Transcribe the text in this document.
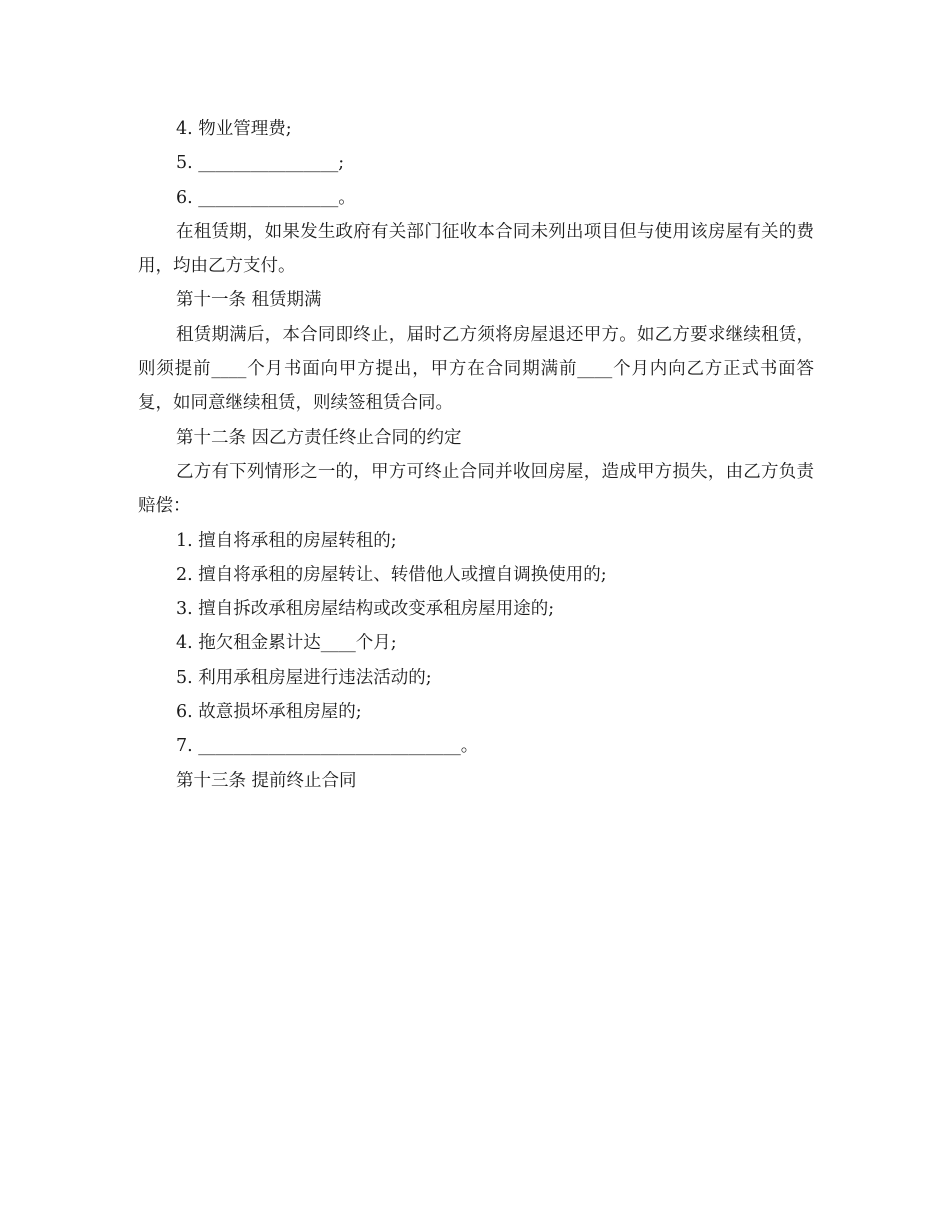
4. 物业管理费;
5. ________________;
6. ________________。

在租赁期，如果发生政府有关部门征收本合同未列出项目但与使用该房屋有关的费用，均由乙方支付。

第十一条 租赁期满

租赁期满后，本合同即终止，届时乙方须将房屋退还甲方。如乙方要求继续租赁，则须提前____个月书面向甲方提出，甲方在合同期满前____个月内向乙方正式书面答复，如同意继续租赁，则续签租赁合同。

第十二条 因乙方责任终止合同的约定

乙方有下列情形之一的，甲方可终止合同并收回房屋，造成甲方损失，由乙方负责赔偿：

1. 擅自将承租的房屋转租的;
2. 擅自将承租的房屋转让、转借他人或擅自调换使用的;
3. 擅自拆改承租房屋结构或改变承租房屋用途的;
4. 拖欠租金累计达____个月;
5. 利用承租房屋进行违法活动的;
6. 故意损坏承租房屋的;
7. ______________________________。
第十三条 提前终止合同
